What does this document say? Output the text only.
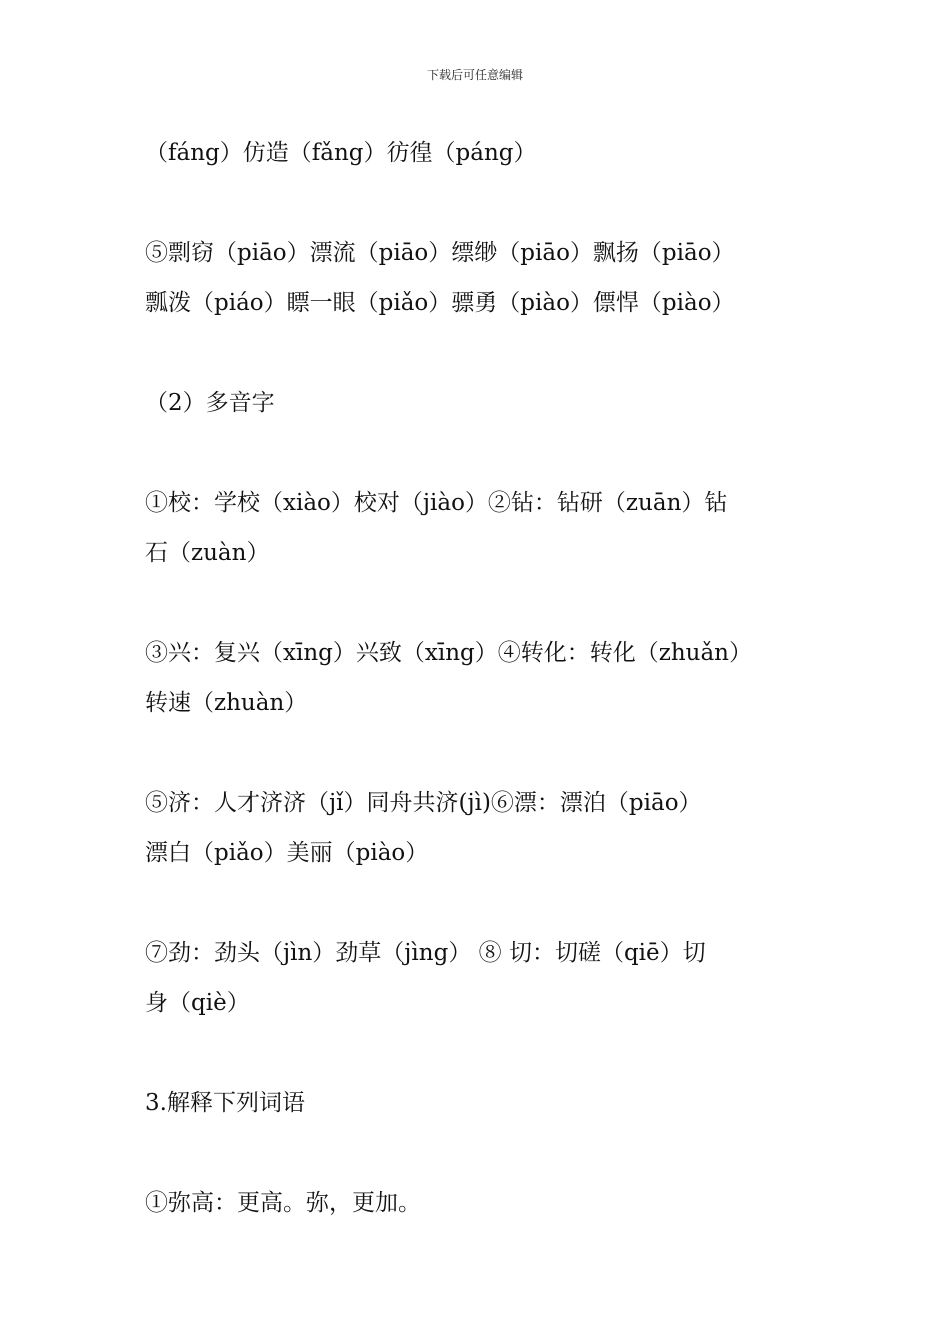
下载后可任意编辑

（fáng）仿造（fǎng）彷徨（páng）

⑤剽窃（piāo）漂流（piāo）缥缈（piāo）飘扬（piāo）
瓢泼（piáo）瞟一眼（piǎo）骠勇（piào）僄悍（piào）

（2）多音字

①校：学校（xiào）校对（jiào）②钻：钻研（zuān）钻
石（zuàn）

③兴：复兴（xīng）兴致（xīng）④转化：转化（zhuǎn）
转速（zhuàn）

⑤济：人才济济（jǐ）同舟共济(jì)⑥漂：漂泊（piāo）
漂白（piǎo）美丽（piào）

⑦劲：劲头（jìn）劲草（jìng） ⑧ 切：切磋（qiē）切
身（qiè）

3.解释下列词语

①弥高：更高。弥，更加。
